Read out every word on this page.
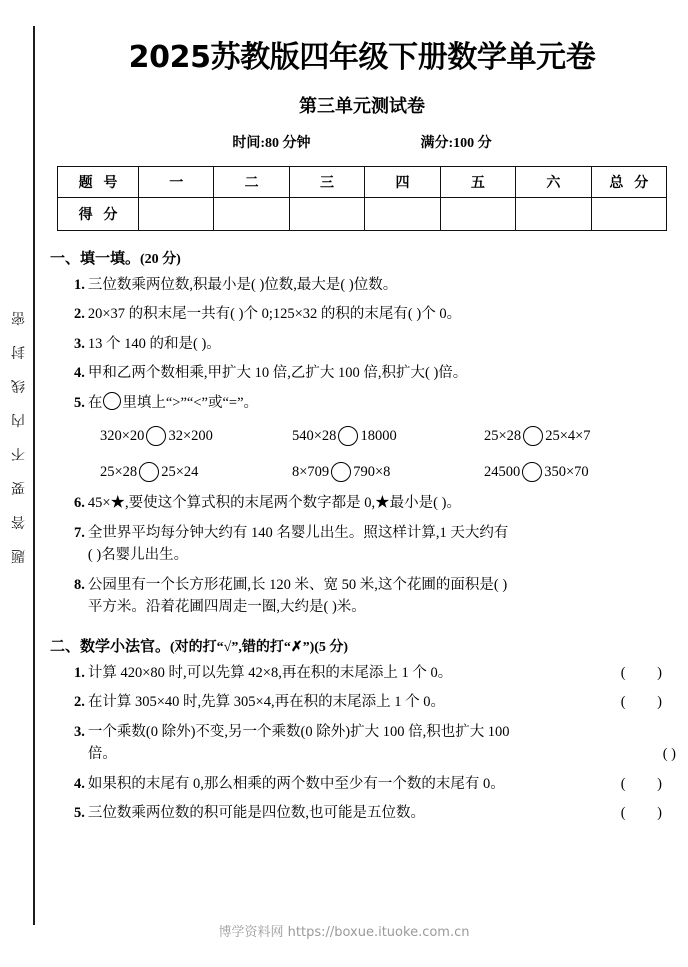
题
答
要
不
内
线
封
密
2025苏教版四年级下册数学单元卷
第三单元测试卷
时间:80 分钟	满分:100 分
题 号	一	二	三	四	五	六	总 分
得 分							
一、填一填。(20 分)
1. 三位数乘两位数,积最小是( )位数,最大是( )位数。
2. 20×37 的积末尾一共有( )个 0;125×32 的积的末尾有( )个 0。
3. 13 个 140 的和是( )。
4. 甲和乙两个数相乘,甲扩大 10 倍,乙扩大 100 倍,积扩大( )倍。
5. 在 里填上“>”“<”或“=”。
320×20 32×200	540×28 18000	25×28 25×4×7
25×28 25×24	8×709 790×8	24500 350×70
6. 45×★,要使这个算式积的末尾两个数字都是 0,★最小是( )。
7. 全世界平均每分钟大约有 140 名婴儿出生。照这样计算,1 天大约有
( )名婴儿出生。
8. 公园里有一个长方形花圃,长 120 米、宽 50 米,这个花圃的面积是( )
平方米。沿着花圃四周走一圈,大约是( )米。
二、数学小法官。(对的打“√”,错的打“✗”)(5 分)
1. 计算 420×80 时,可以先算 42×8,再在积的末尾添上 1 个 0。	( )
2. 在计算 305×40 时,先算 305×4,再在积的末尾添上 1 个 0。	( )
3. 一个乘数(0 除外)不变,另一个乘数(0 除外)扩大 100 倍,积也扩大 100
倍。	( )
4. 如果积的末尾有 0,那么相乘的两个数中至少有一个数的末尾有 0。	( )
5. 三位数乘两位数的积可能是四位数,也可能是五位数。	( )
博学资料网 https://boxue.ituoke.com.cn
